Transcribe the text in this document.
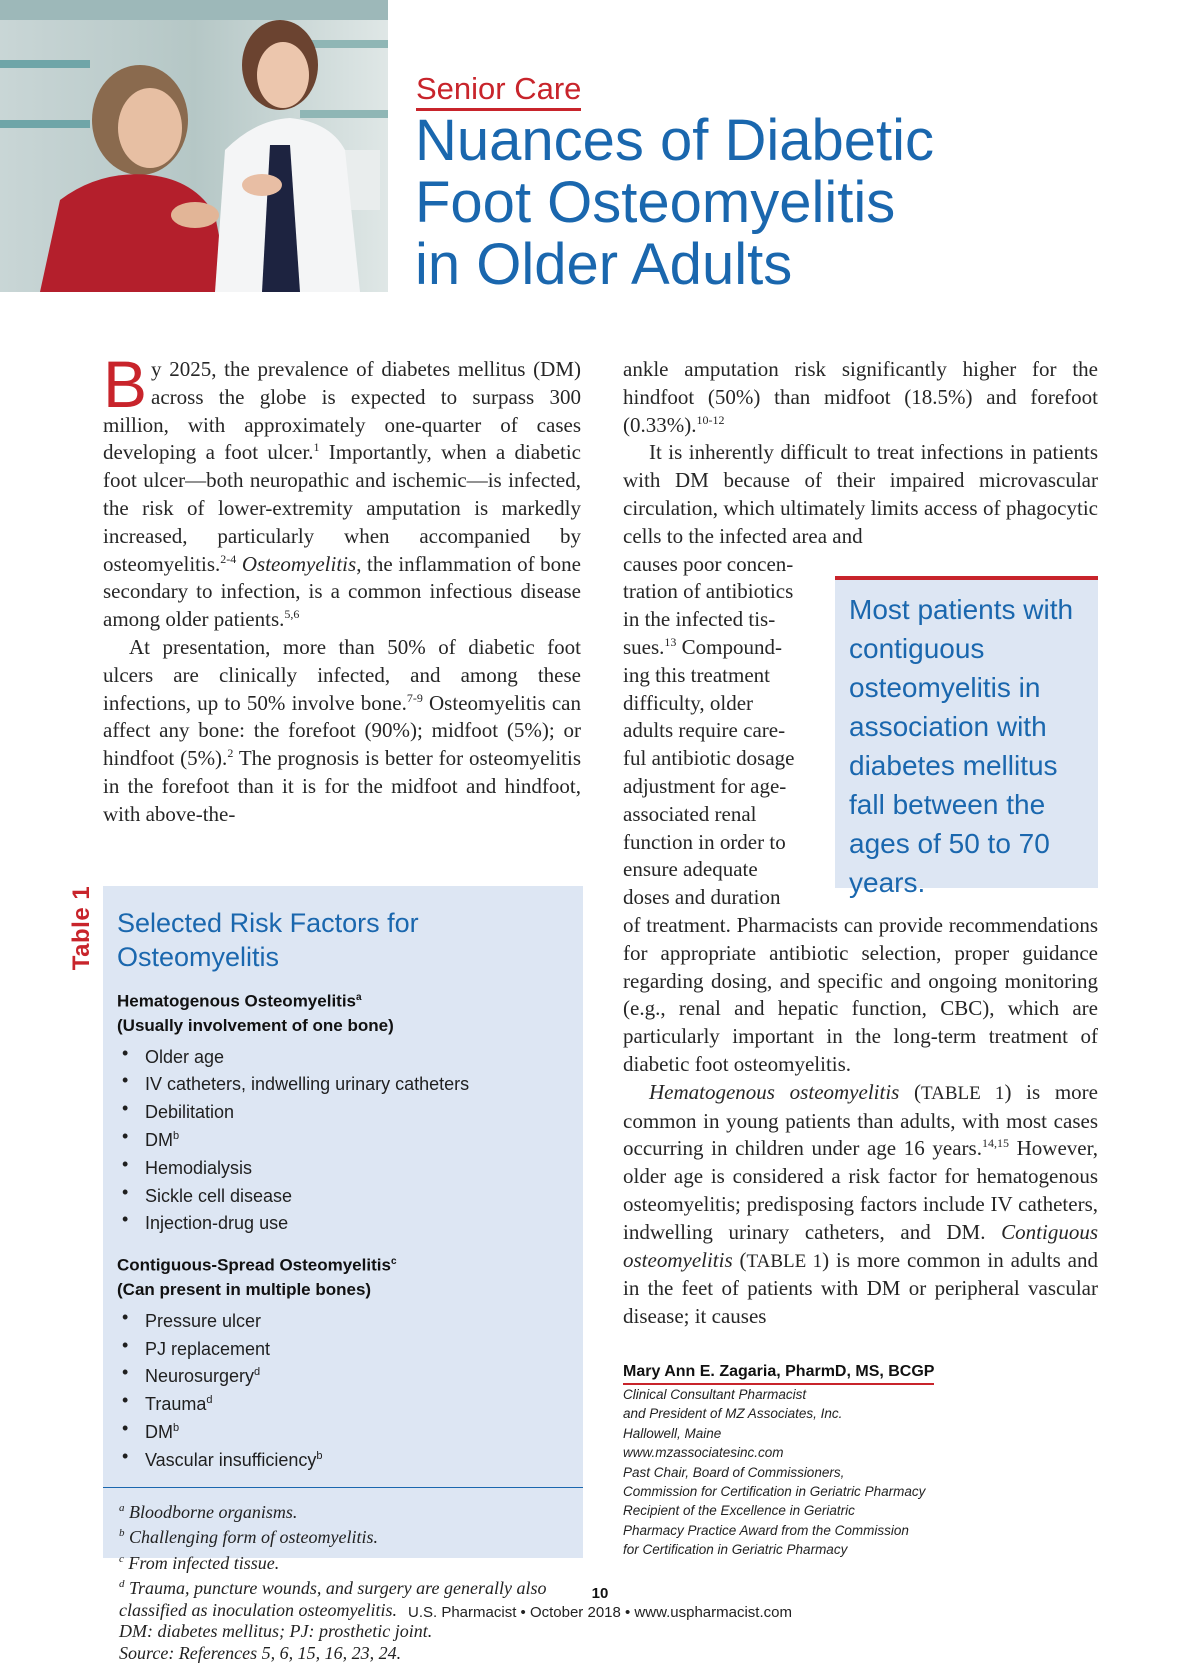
Senior Care
Nuances of Diabetic
Foot Osteomyelitis
in Older Adults

By 2025, the prevalence of diabetes mellitus (DM) across the globe is expected to surpass 300 million, with approximately one-quarter of cases developing a foot ulcer.$^1$ Importantly, when a diabetic foot ulcer—both neuropathic and ischemic—is infected, the risk of lower-extremity amputation is markedly increased, particularly when accompanied by osteomyelitis.$^{2-4}$ Osteomyelitis, the inflammation of bone secondary to infection, is a common infectious disease among older patients.$^{5,6}$

At presentation, more than 50% of diabetic foot ulcers are clinically infected, and among these infections, up to 50% involve bone.$^{7-9}$ Osteomyelitis can affect any bone: the forefoot (90%); midfoot (5%); or hindfoot (5%).$^2$ The prognosis is better for osteomyelitis in the forefoot than it is for the midfoot and hindfoot, with above-the-

ankle amputation risk significantly higher for the hindfoot (50%) than midfoot (18.5%) and forefoot (0.33%).$^{10-12}$

It is inherently difficult to treat infections in patients with DM because of their impaired microvascular circulation, which ultimately limits access of phagocytic cells to the infected area and

causes poor concen-
tration of antibiotics
in the infected tis-
sues.$^{13}$ Compound-
ing this treatment
difficulty, older
adults require care-
ful antibiotic dosage
adjustment for age-
associated renal
function in order to
ensure adequate
doses and duration

of treatment. Pharmacists can provide recommendations for appropriate antibiotic selection, proper guidance regarding dosing, and specific and ongoing monitoring (e.g., renal and hepatic function, CBC), which are particularly important in the long-term treatment of diabetic foot osteomyelitis.

Hematogenous osteomyelitis (TABLE 1) is more common in young patients than adults, with most cases occurring in children under age 16 years.$^{14,15}$ However, older age is considered a risk factor for hematogenous osteomyelitis; predisposing factors include IV catheters, indwelling urinary catheters, and DM. Contiguous osteomyelitis (TABLE 1) is more common in adults and in the feet of patients with DM or peripheral vascular disease; it causes

Most patients with contiguous osteomyelitis in association with diabetes mellitus fall between the ages of 50 to 70 years.
Table 1 Selected Risk Factors for Osteomyelitis
Hematogenous Osteomyelitis$^a$
(Usually involvement of one bone)
• Older age
• IV catheters, indwelling urinary catheters
• Debilitation
• $DM^b$
• Hemodialysis
• Sickle cell disease
• Injection-drug use
Contiguous-Spread Osteomyelitis$^c$
(Can present in multiple bones)
• Pressure ulcer
• PJ replacement
• Neurosurgery$^d$
• Trauma$^d$
• $DM^b$
• Vascular insufficiency$^b$
$^a$ Bloodborne organisms.
$^b$ Challenging form of osteomyelitis.
$^c$ From infected tissue.
$^d$ Trauma, puncture wounds, and surgery are generally also classified as inoculation osteomyelitis.
DM: diabetes mellitus; PJ: prosthetic joint.
Source: References 5, 6, 15, 16, 23, 24.
Mary Ann E. Zagaria, PharmD, MS, BCGP
Clinical Consultant Pharmacist
and President of MZ Associates, Inc.
Hallowell, Maine
www.mzassociatesinc.com
Past Chair, Board of Commissioners,
Commission for Certification in Geriatric Pharmacy
Recipient of the Excellence in Geriatric
Pharmacy Practice Award from the Commission
for Certification in Geriatric Pharmacy
10
U.S. Pharmacist • October 2018 • www.uspharmacist.com
